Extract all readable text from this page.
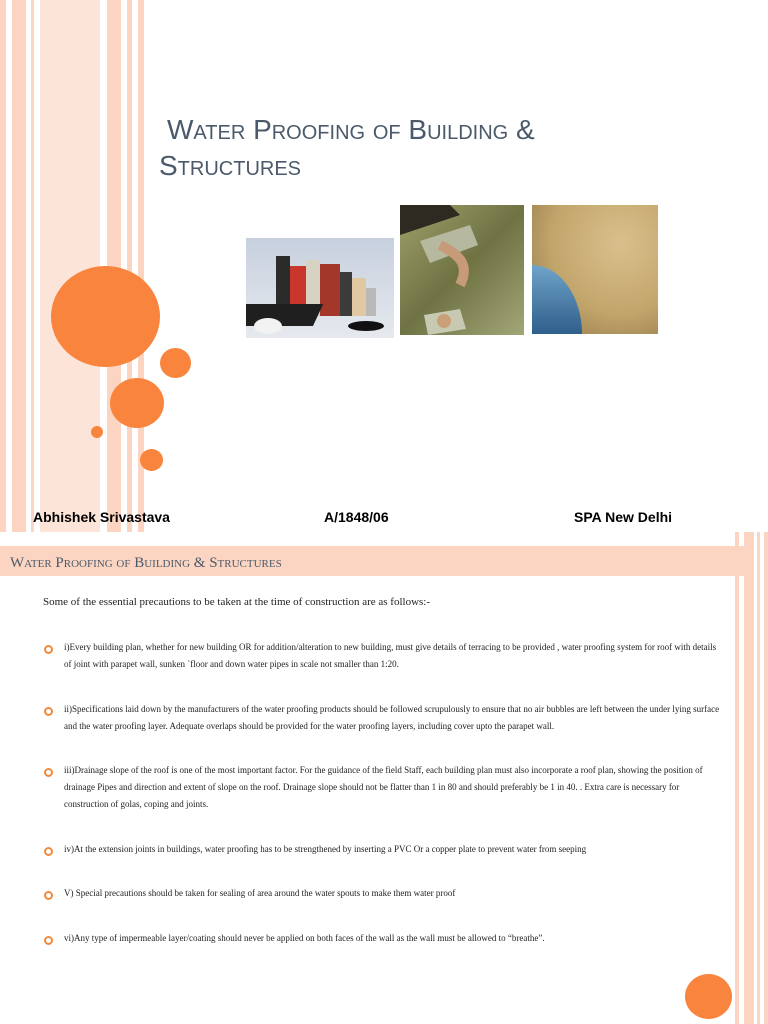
Water Proofing of Building &
Structures

Abhishek Srivastava	A/1848/06	SPA New Delhi

Water Proofing of Building & Structures

Some of the essential precautions to be taken at the time of construction are as follows:-

i)Every building plan, whether for new building OR for addition/alteration to new building, must give details of terracing to be provided , water proofing system for roof with details of joint with parapet wall, sunken `floor and down water pipes in scale not smaller than 1:20.

ii)Specifications laid down by the manufacturers of the water proofing products should be followed scrupulously to ensure that no air bubbles are left between the under lying surface and the water proofing layer. Adequate overlaps should be provided for the water proofing layers, including cover upto the parapet wall.

iii)Drainage slope of the roof is one of the most important factor. For the guidance of the field Staff, each building plan must also incorporate a roof plan, showing the position of drainage Pipes and direction and extent of slope on the roof. Drainage slope should not be flatter than 1 in 80 and should preferably be 1 in 40. . Extra care is necessary for construction of golas, coping and joints.

iv)At the extension joints in buildings, water proofing has to be strengthened by inserting a PVC Or a copper plate to prevent water from seeping

V) Special precautions should be taken for sealing of area around the water spouts to make them water proof

vi)Any type of impermeable layer/coating should never be applied on both faces of the wall as the wall must be allowed to “breathe”.
